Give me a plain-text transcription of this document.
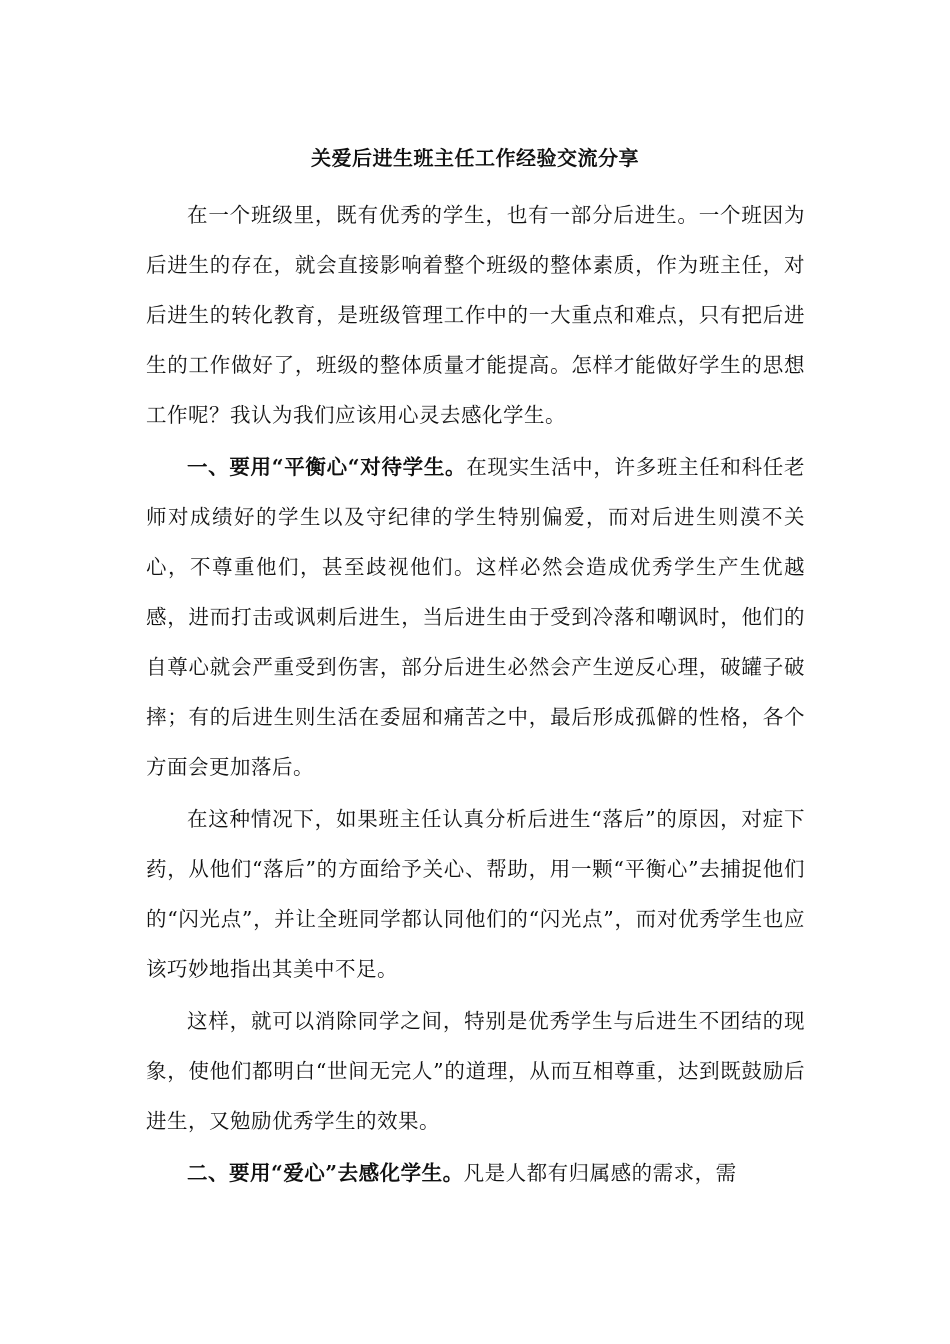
关爱后进生班主任工作经验交流分享

在一个班级里，既有优秀的学生，也有一部分后进生。一个班因为后进生的存在，就会直接影响着整个班级的整体素质，作为班主任，对后进生的转化教育，是班级管理工作中的一大重点和难点，只有把后进生的工作做好了，班级的整体质量才能提高。怎样才能做好学生的思想工作呢？我认为我们应该用心灵去感化学生。

一、要用“平衡心“对待学生。在现实生活中，许多班主任和科任老师对成绩好的学生以及守纪律的学生特别偏爱，而对后进生则漠不关心，不尊重他们，甚至歧视他们。这样必然会造成优秀学生产生优越感，进而打击或讽刺后进生，当后进生由于受到冷落和嘲讽时，他们的自尊心就会严重受到伤害，部分后进生必然会产生逆反心理，破罐子破摔；有的后进生则生活在委屈和痛苦之中，最后形成孤僻的性格，各个方面会更加落后。

在这种情况下，如果班主任认真分析后进生“落后”的原因，对症下药，从他们“落后”的方面给予关心、帮助，用一颗“平衡心”去捕捉他们的“闪光点”，并让全班同学都认同他们的“闪光点”，而对优秀学生也应该巧妙地指出其美中不足。

这样，就可以消除同学之间，特别是优秀学生与后进生不团结的现象，使他们都明白“世间无完人”的道理，从而互相尊重，达到既鼓励后进生，又勉励优秀学生的效果。

二、要用“爱心”去感化学生。凡是人都有归属感的需求，需
